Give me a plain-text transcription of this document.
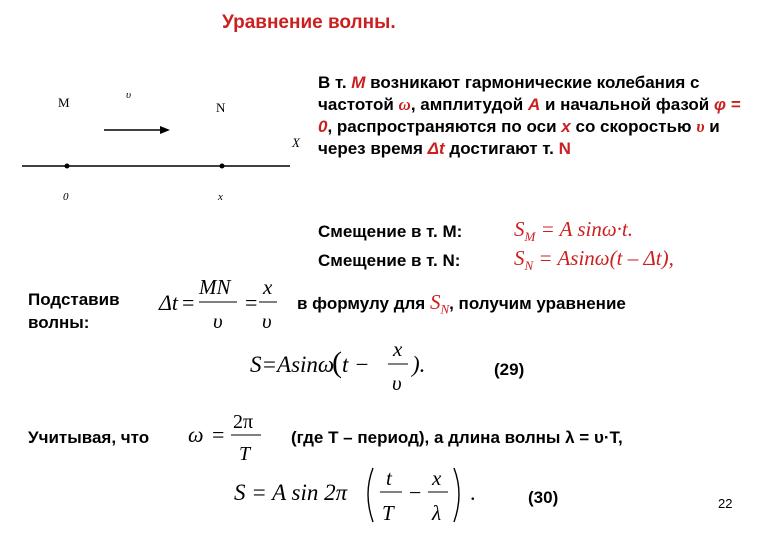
Уравнение волны.
M	υ
N
X
0	x
В т. M возникают гармонические колебания с частотой ω, амплитудой A и начальной фазой φ = 0, распространяются по оси x со скоростью υ и через время Δt достигают т. N
Смещение в т. M: $S_M = A$ sinω·t.
Смещение в т. N:	$S_N = Asin\omega(t - \Delta t)$,
Подставив волны:
Δt =
MN
υ
=
x
υ
в формулу для $S_N$, получим уравнение
S=Asinω
( t −
x
υ
).	(29)
Учитывая, что ω = 2π
T
(где T – период), а длина волны λ = υ·T,
S = A sin 2π
t
T
−
x
λ
.	(30)	22
